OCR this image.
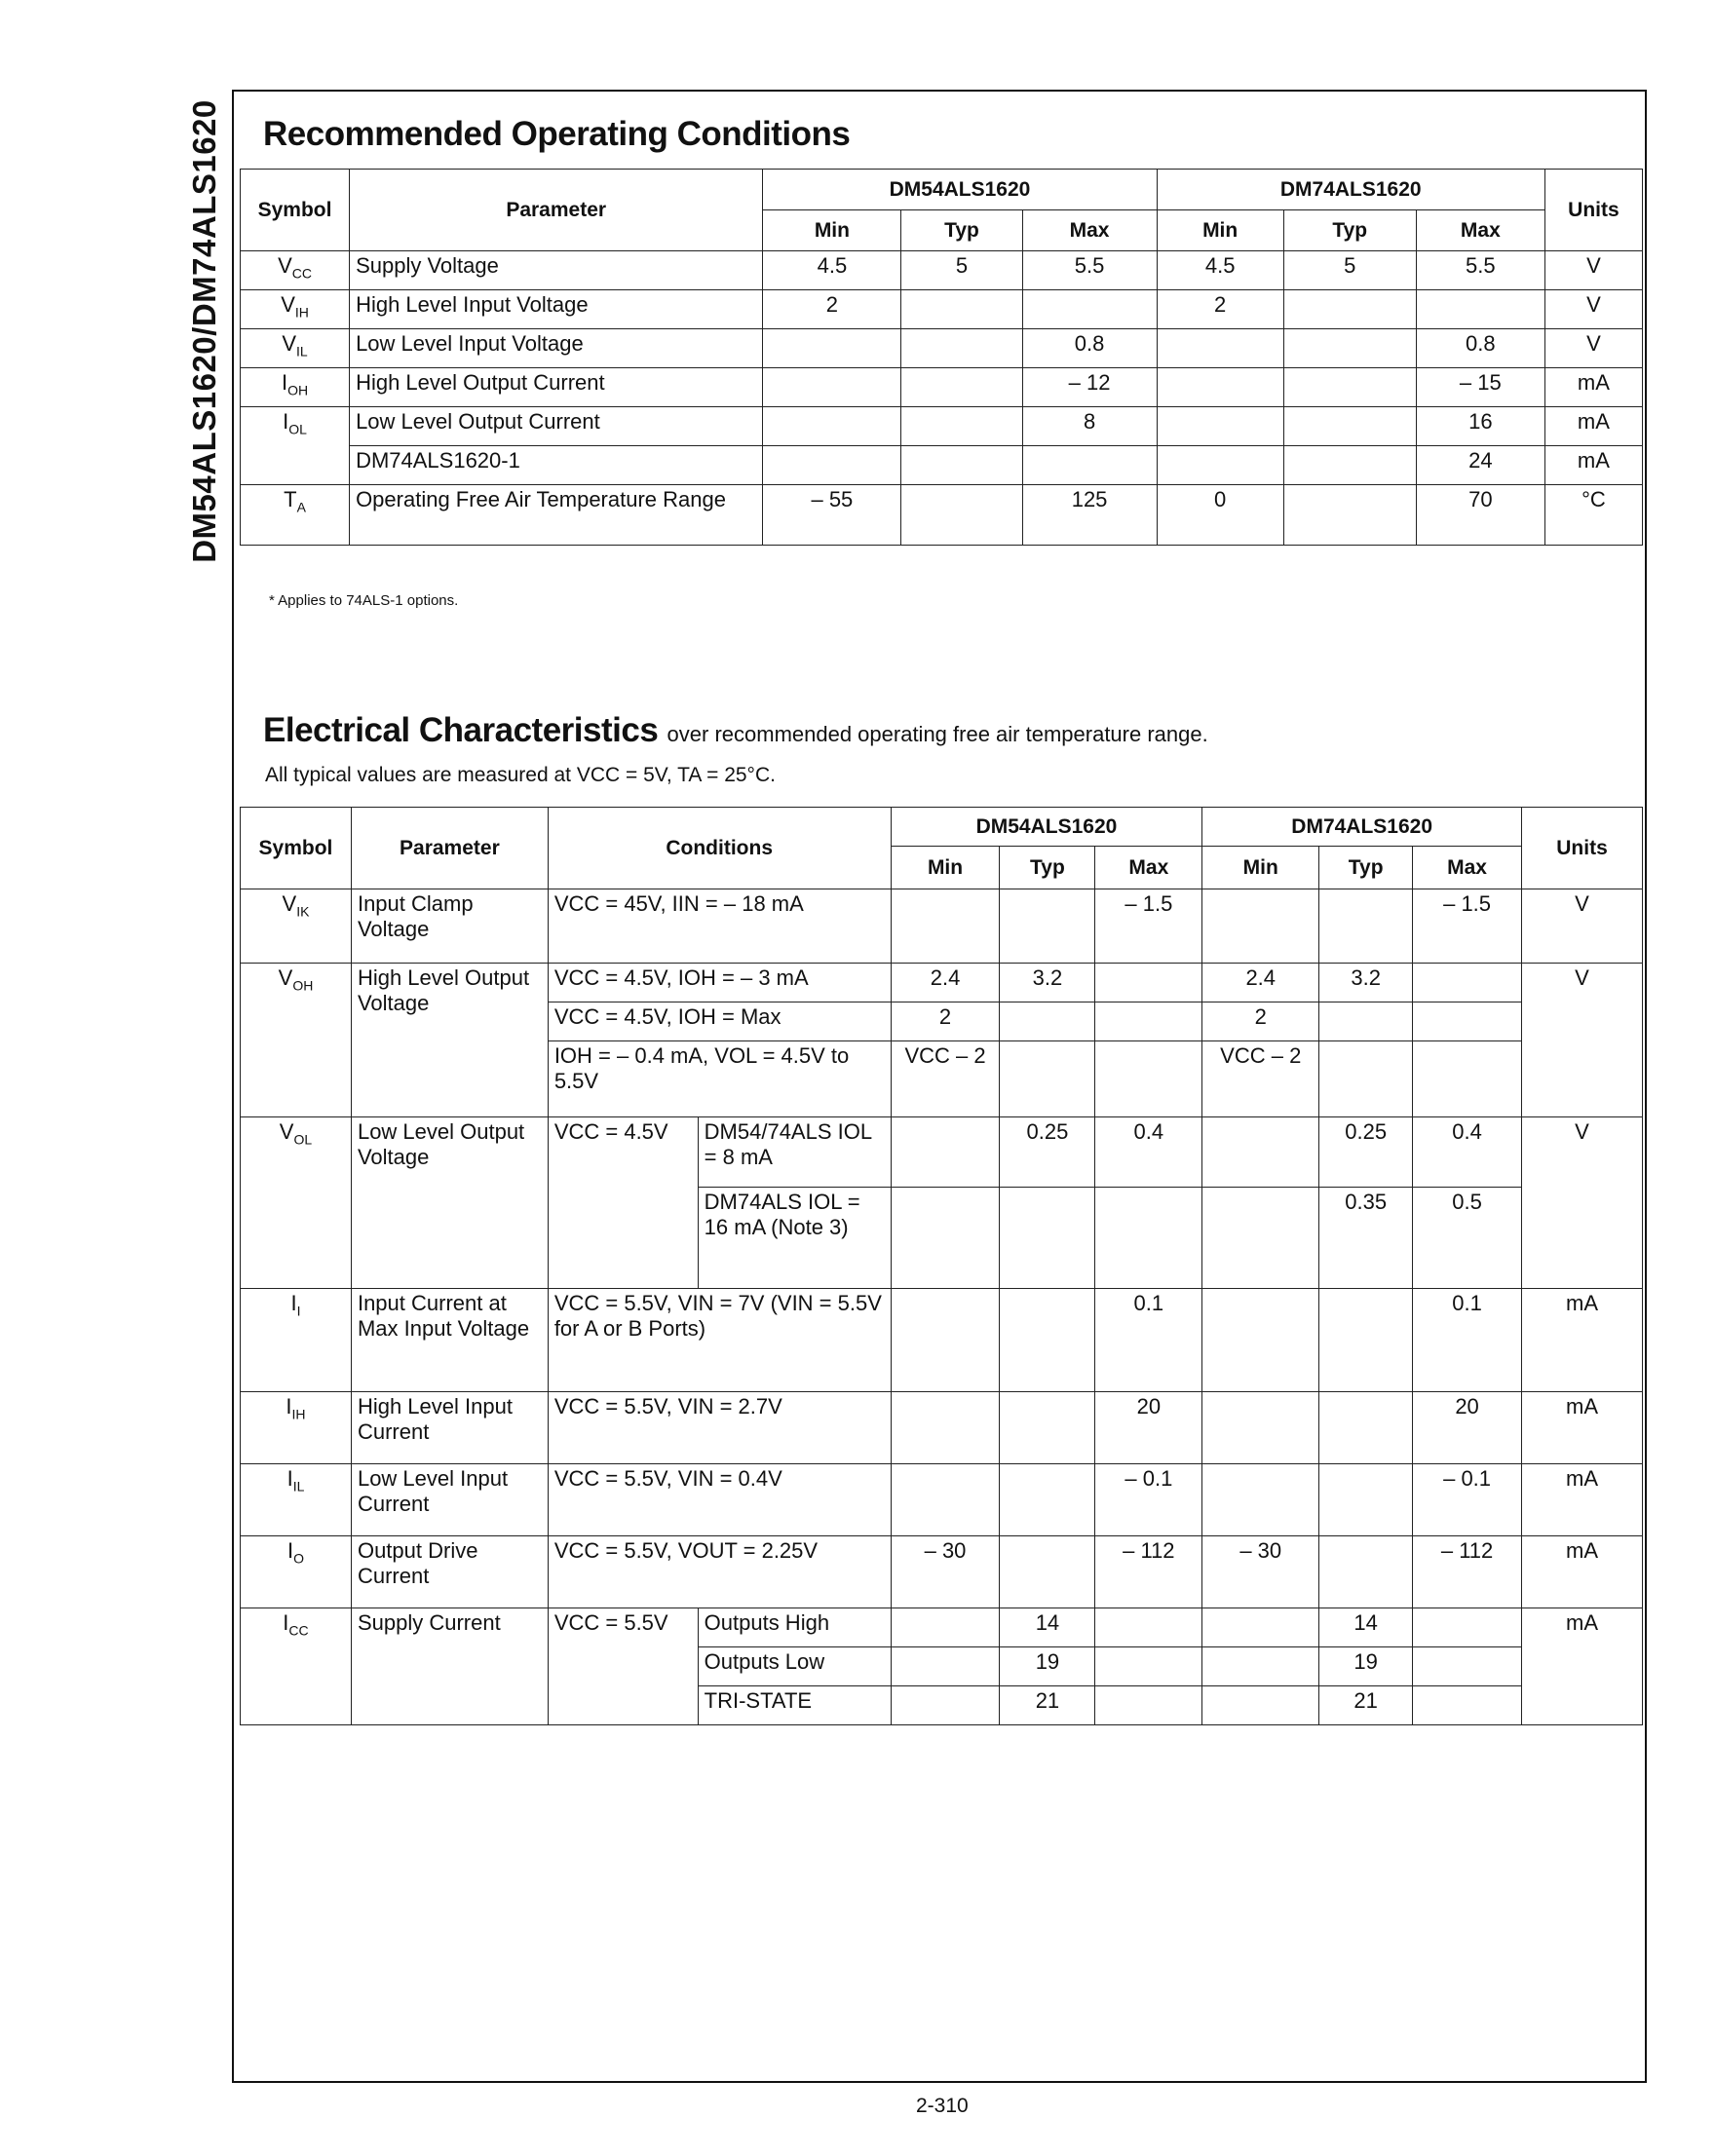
DM54ALS1620/DM74ALS1620 Recommended Operating Conditions
Symbol	Parameter	DM54ALS1620			DM74ALS1620			Units
		Min	Typ	Max	Min	Typ	Max	
$V_{CC}$	Supply Voltage	4.5	5	5.5	4.5	5	5.5	V
$V_{IH}$	High Level Input Voltage	2			2			V
$V_{IL}$	Low Level Input Voltage			0.8			0.8	V
$I_{OH}$	High Level Output Current			– 12			– 15	mA
$I_{OL}$	Low Level Output Current			8			16	mA
	DM74ALS1620-1						24	mA
$T_A$	Operating Free Air Temperature Range	– 55		125	0		70	°C
* Applies to 74ALS-1 options.
Electrical Characteristics over recommended operating free air temperature range.
All typical values are measured at VCC = 5V, TA = 25°C.
Symbol	Parameter	Conditions		DM54ALS1620			DM74ALS1620			Units
				Min	Typ	Max	Min	Typ	Max	
$V_{IK}$	Input Clamp Voltage	VCC = 45V, IIN = – 18 mA				– 1.5			– 1.5	V
$V_{OH}$	High Level Output Voltage	VCC = 4.5V, IOH = – 3 mA		2.4	3.2		2.4	3.2		V
		VCC = 4.5V, IOH = Max		2			2			
		IOH = – 0.4 mA, VOL = 4.5V to 5.5V		VCC – 2			VCC – 2			
$V_{OL}$	Low Level Output Voltage	VCC = 4.5V	DM54/74ALS IOL = 8 mA		0.25	0.4		0.25	0.4	V
			DM74ALS IOL = 16 mA (Note 3)					0.35	0.5	
$I_I$	Input Current at Max Input Voltage	VCC = 5.5V, VIN = 7V (VIN = 5.5V for A or B Ports)				0.1			0.1	mA
$I_{IH}$	High Level Input Current	VCC = 5.5V, VIN = 2.7V				20			20	mA
$I_{IL}$	Low Level Input Current	VCC = 5.5V, VIN = 0.4V				– 0.1			– 0.1	mA
$I_O$	Output Drive Current	VCC = 5.5V, VOUT = 2.25V		– 30		– 112	– 30		– 112	mA
$I_{CC}$	Supply Current	VCC = 5.5V	Outputs High		14			14		mA
			Outputs Low		19			19		
			TRI-STATE		21			21		
2-310
